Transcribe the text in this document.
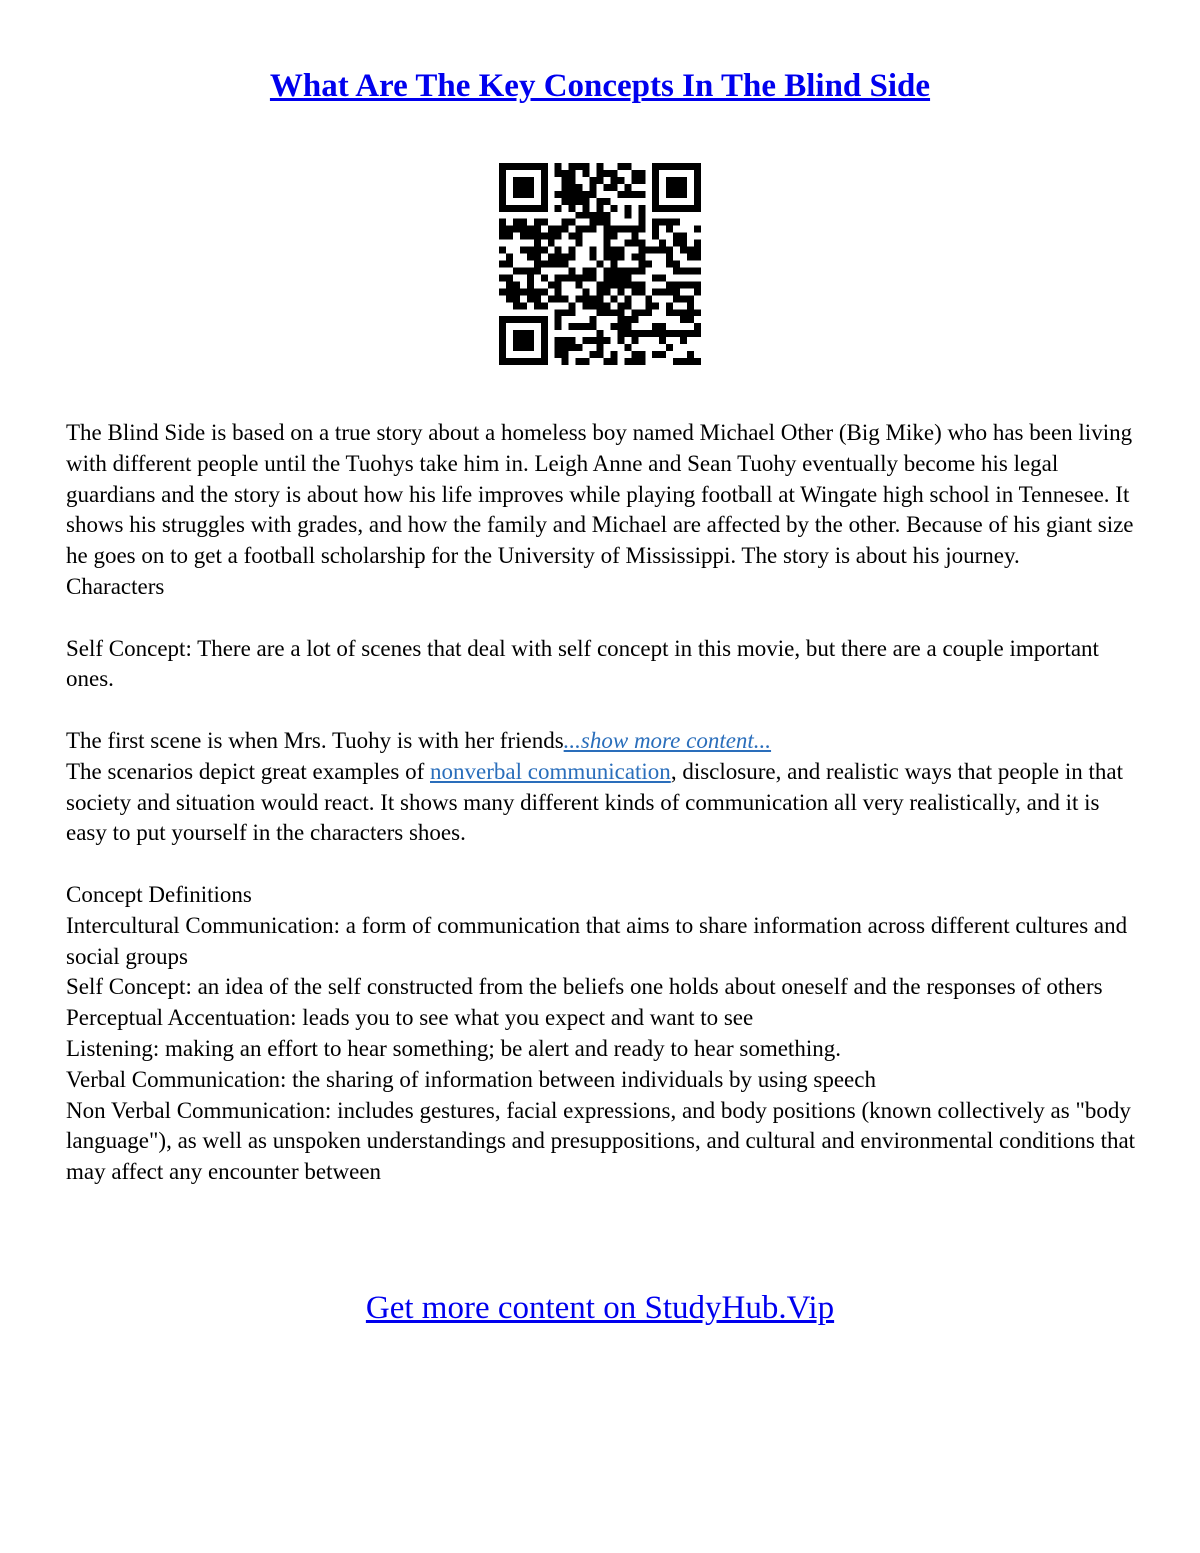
What Are The Key Concepts In The Blind Side

The Blind Side is based on a true story about a homeless boy named Michael Other (Big Mike) who has been living with different people until the Tuohys take him in. Leigh Anne and Sean Tuohy eventually become his legal guardians and the story is about how his life improves while playing football at Wingate high school in Tennesee. It shows his struggles with grades, and how the family and Michael are affected by the other. Because of his giant size he goes on to get a football scholarship for the University of Mississippi. The story is about his journey.

Characters

Self Concept: There are a lot of scenes that deal with self concept in this movie, but there are a couple important ones.

The first scene is when Mrs. Tuohy is with her friends...show more content...

The scenarios depict great examples of nonverbal communication, disclosure, and realistic ways that people in that society and situation would react. It shows many different kinds of communication all very realistically, and it is easy to put yourself in the characters shoes.

Concept Definitions

Intercultural Communication: a form of communication that aims to share information across different cultures and social groups

Self Concept: an idea of the self constructed from the beliefs one holds about oneself and the responses of others

Perceptual Accentuation: leads you to see what you expect and want to see

Listening: making an effort to hear something; be alert and ready to hear something.

Verbal Communication: the sharing of information between individuals by using speech

Non Verbal Communication: includes gestures, facial expressions, and body positions (known collectively as "body language"), as well as unspoken understandings and presuppositions, and cultural and environmental conditions that may affect any encounter between

Get more content on StudyHub.Vip
